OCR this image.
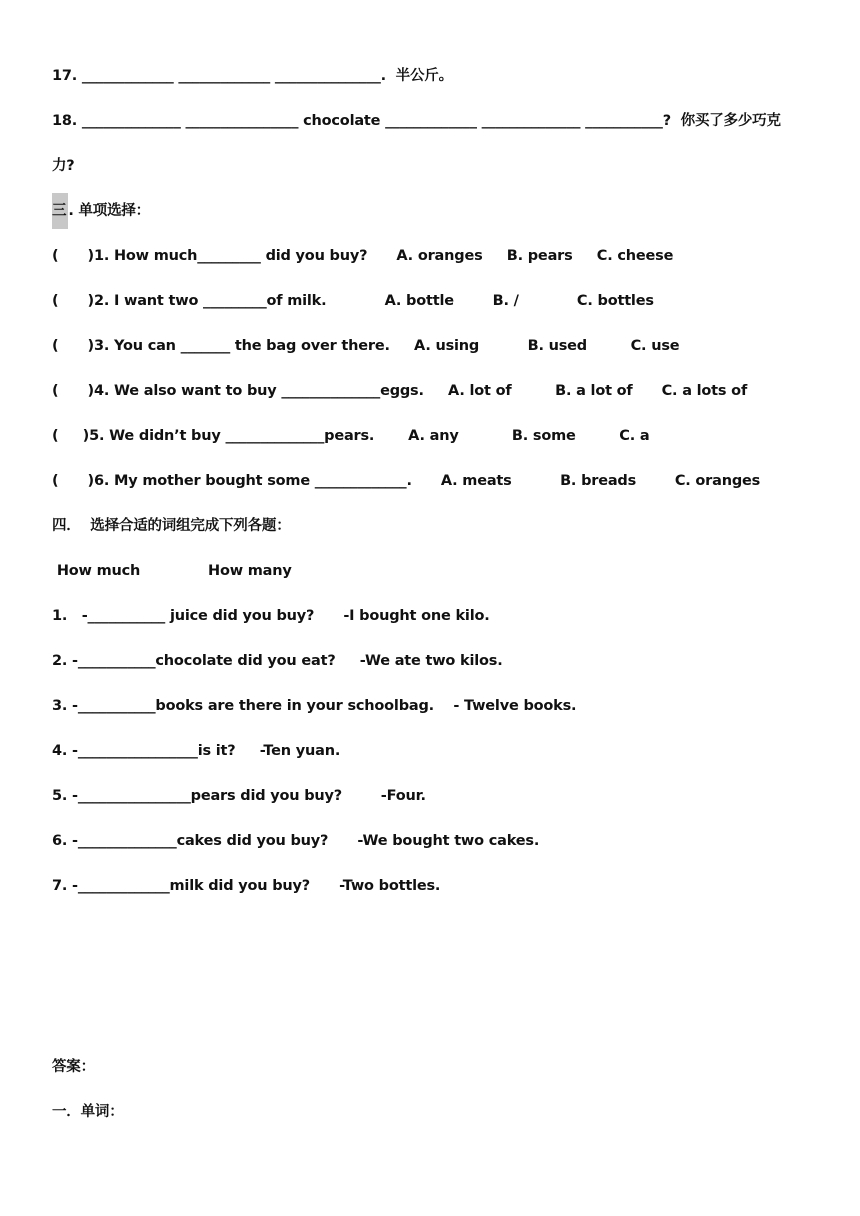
17. _____________ _____________ _______________.  半公斤。
18. ______________ ________________ chocolate _____________ ______________ ___________?  你买了多少巧克
力?
三 . 单项选择：
(      )1. How much_________ did you buy?      A. oranges     B. pears     C. cheese
(      )2. I want two _________of milk.            A. bottle        B. /            C. bottles
(      )3. You can _______ the bag over there.     A. using          B. used         C. use
(      )4. We also want to buy ______________eggs.     A. lot of         B. a lot of      C. a lots of
(     )5. We didn’t buy ______________pears.       A. any           B. some         C. a
(      )6. My mother bought some _____________.      A. meats          B. breads        C. oranges
四．  选择合适的词组完成下列各题：
How much              How many
1.   -___________ juice did you buy?      -I bought one kilo.
2. -___________chocolate did you eat?     -We ate two kilos.
3. -___________books are there in your schoolbag.    - Twelve books.
4. -_________________is it?     -Ten yuan.
5. -________________pears did you buy?        -Four.
6. -______________cakes did you buy?      -We bought two cakes.
7. -_____________milk did you buy?      -Two bottles.
答案：
一．单词：
